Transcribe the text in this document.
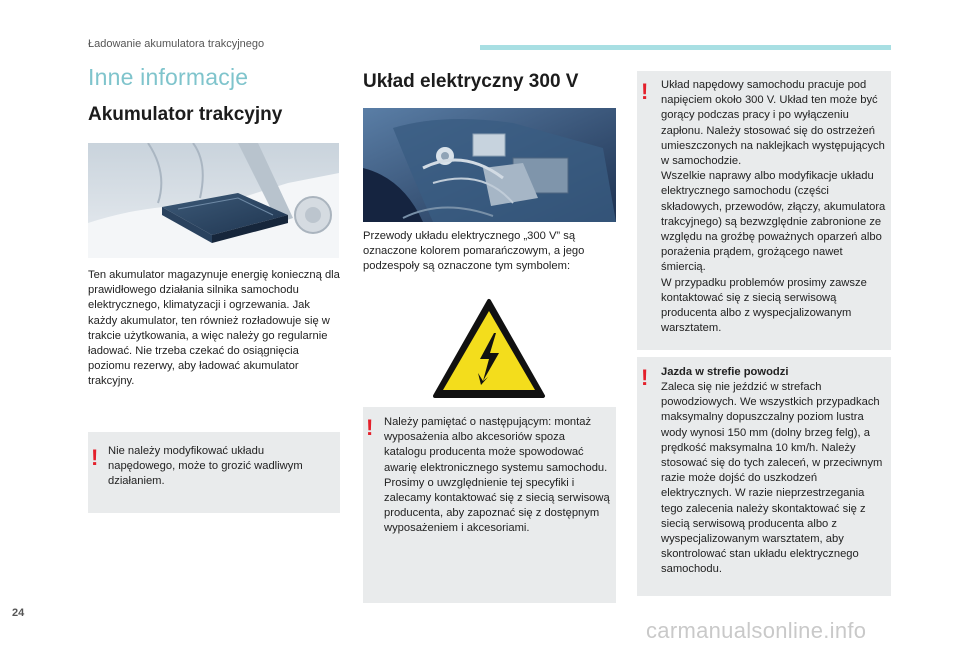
Ładowanie akumulatora trakcyjnego
Inne informacje
Akumulator trakcyjny
Ten akumulator magazynuje energię konieczną dla prawidłowego działania silnika samochodu elektrycznego, klimatyzacji i ogrzewania. Jak każdy akumulator, ten również rozładowuje się w trakcie użytkowania, a więc należy go regularnie ładować. Nie trzeba czekać do osiągnięcia poziomu rezerwy, aby ładować akumulator trakcyjny.
! Nie należy modyfikować układu napędowego, może to grozić wadliwym działaniem.
Układ elektryczny 300 V
Przewody układu elektrycznego „300 V” są oznaczone kolorem pomarańczowym, a jego podzespoły są oznaczone tym symbolem:
! Należy pamiętać o następującym: montaż wyposażenia albo akcesoriów spoza katalogu producenta może spowodować awarię elektronicznego systemu samochodu. Prosimy o uwzględnienie tej specyfiki i zalecamy kontaktować się z siecią serwisową producenta, aby zapoznać się z dostępnym wyposażeniem i akcesoriami.
! Układ napędowy samochodu pracuje pod napięciem około 300 V. Układ ten może być gorący podczas pracy i po wyłączeniu zapłonu. Należy stosować się do ostrzeżeń umieszczonych na naklejkach występujących w samochodzie.
Wszelkie naprawy albo modyfikacje układu elektrycznego samochodu (części składowych, przewodów, złączy, akumulatora trakcyjnego) są bezwzględnie zabronione ze względu na groźbę poważnych oparzeń albo porażenia prądem, grożącego nawet śmiercią.
W przypadku problemów prosimy zawsze kontaktować się z siecią serwisową producenta albo z wyspecjalizowanym warsztatem.
! Jazda w strefie powodzi
Zaleca się nie jeździć w strefach powodziowych. We wszystkich przypadkach maksymalny dopuszczalny poziom lustra wody wynosi 150 mm (dolny brzeg felg), a prędkość maksymalna 10 km/h. Należy stosować się do tych zaleceń, w przeciwnym razie może dojść do uszkodzeń elektrycznych. W razie nieprzestrzegania tego zalecenia należy skontaktować się z siecią serwisową producenta albo z wyspecjalizowanym warsztatem, aby skontrolować stan układu elektrycznego samochodu.
24
carmanualsonline.info
